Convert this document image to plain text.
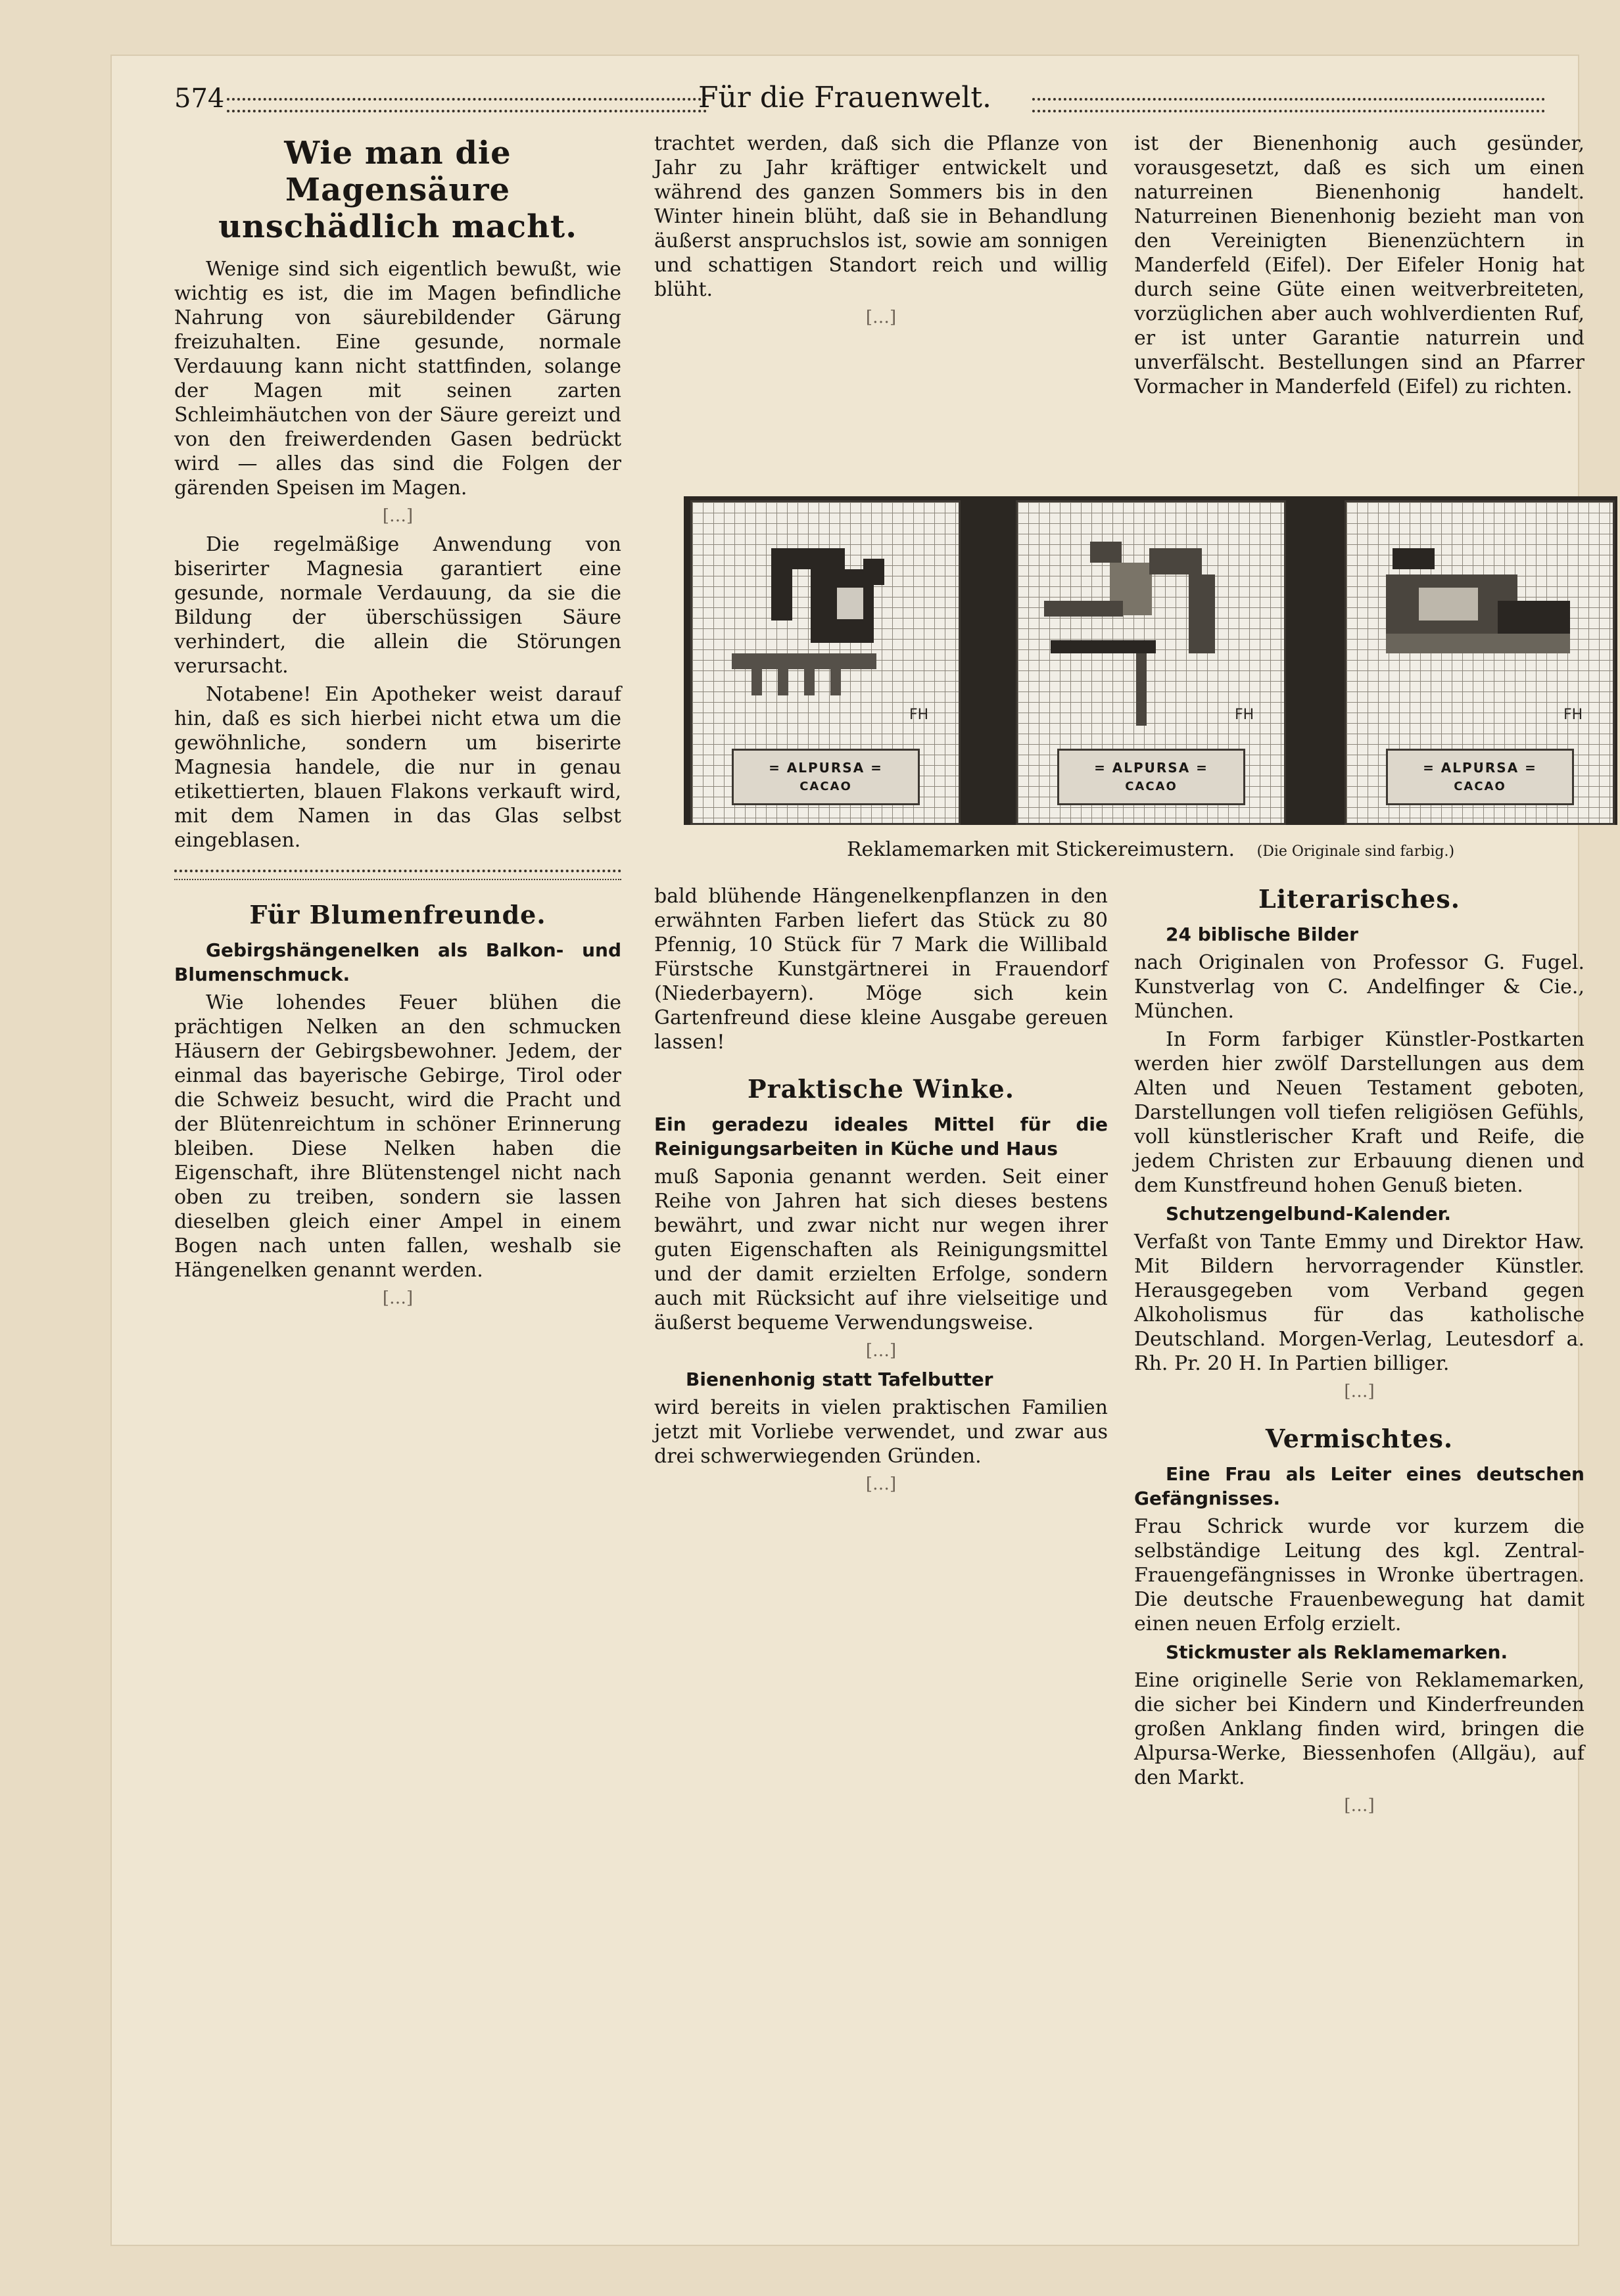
574	Für die Frauenwelt.
Wie man die Magensäure unschädlich macht.

Wenige sind sich eigentlich bewußt, wie wichtig es ist, die im Magen befindliche Nahrung von säurebildender Gärung freizuhalten. Eine gesunde, normale Verdauung kann nicht stattfinden, solange der Magen mit seinen zarten Schleimhäutchen von der Säure gereizt und von den freiwerdenden Gasen bedrückt wird — alles das sind die Folgen der gärenden Speisen im Magen.

[…]

Die regelmäßige Anwendung von biserirter Magnesia garantiert eine gesunde, normale Verdauung, da sie die Bildung der überschüssigen Säure verhindert, die allein die Störungen verursacht.

Notabene! Ein Apotheker weist darauf hin, daß es sich hierbei nicht etwa um die gewöhnliche, sondern um biserirte Magnesia handele, die nur in genau etikettierten, blauen Flakons verkauft wird, mit dem Namen in das Glas selbst eingeblasen.

Für Blumenfreunde.

Gebirgshängenelken als Balkon- und Blumenschmuck.

Wie lohendes Feuer blühen die prächtigen Nelken an den schmucken Häusern der Gebirgsbewohner. Jedem, der einmal das bayerische Gebirge, Tirol oder die Schweiz besucht, wird die Pracht und der Blütenreichtum in schöner Erinnerung bleiben. Diese Nelken haben die Eigenschaft, ihre Blütenstengel nicht nach oben zu treiben, sondern sie lassen dieselben gleich einer Ampel in einem Bogen nach unten fallen, weshalb sie Hängenelken genannt werden.

[…]

trachtet werden, daß sich die Pflanze von Jahr zu Jahr kräftiger entwickelt und während des ganzen Sommers bis in den Winter hinein blüht, daß sie in Behandlung äußerst anspruchslos ist, sowie am sonnigen und schattigen Standort reich und willig blüht.

[…]

ist der Bienenhonig auch gesünder, vorausgesetzt, daß es sich um einen naturreinen Bienenhonig handelt. Naturreinen Bienenhonig bezieht man von den Vereinigten Bienenzüchtern in Manderfeld (Eifel). Der Eifeler Honig hat durch seine Güte einen weitverbreiteten, vorzüglichen aber auch wohlverdienten Ruf, er ist unter Garantie naturrein und unverfälscht. Bestellungen sind an Pfarrer Vormacher in Manderfeld (Eifel) zu richten.

FH
= ALPURSA =
CACAO
FH
= ALPURSA =
CACAO
FH
= ALPURSA =
CACAO
Reklamemarken mit Stickereimustern. (Die Originale sind farbig.)

bald blühende Hängenelkenpflanzen in den erwähnten Farben liefert das Stück zu 80 Pfennig, 10 Stück für 7 Mark die Willibald Fürstsche Kunstgärtnerei in Frauendorf (Niederbayern). Möge sich kein Gartenfreund diese kleine Ausgabe gereuen lassen!

Praktische Winke.

Ein geradezu ideales Mittel für die Reinigungsarbeiten in Küche und Haus

muß Saponia genannt werden. Seit einer Reihe von Jahren hat sich dieses bestens bewährt, und zwar nicht nur wegen ihrer guten Eigenschaften als Reinigungsmittel und der damit erzielten Erfolge, sondern auch mit Rücksicht auf ihre vielseitige und äußerst bequeme Verwendungsweise.

[…]

Bienenhonig statt Tafelbutter

wird bereits in vielen praktischen Familien jetzt mit Vorliebe verwendet, und zwar aus drei schwerwiegenden Gründen.

[…]

Literarisches.

24 biblische Bilder

nach Originalen von Professor G. Fugel. Kunstverlag von C. Andelfinger & Cie., München.

In Form farbiger Künstler-Postkarten werden hier zwölf Darstellungen aus dem Alten und Neuen Testament geboten, Darstellungen voll tiefen religiösen Gefühls, voll künstlerischer Kraft und Reife, die jedem Christen zur Erbauung dienen und dem Kunstfreund hohen Genuß bieten.

Schutzengelbund-Kalender.

Verfaßt von Tante Emmy und Direktor Haw. Mit Bildern hervorragender Künstler. Herausgegeben vom Verband gegen Alkoholismus für das katholische Deutschland. Morgen-Verlag, Leutesdorf a. Rh. Pr. 20 H. In Partien billiger.

[…]

Vermischtes.

Eine Frau als Leiter eines deutschen Gefängnisses.

Frau Schrick wurde vor kurzem die selbständige Leitung des kgl. Zentral-Frauengefängnisses in Wronke übertragen. Die deutsche Frauenbewegung hat damit einen neuen Erfolg erzielt.

Stickmuster als Reklamemarken.

Eine originelle Serie von Reklamemarken, die sicher bei Kindern und Kinderfreunden großen Anklang finden wird, bringen die Alpursa-Werke, Biessenhofen (Allgäu), auf den Markt.

[…]
